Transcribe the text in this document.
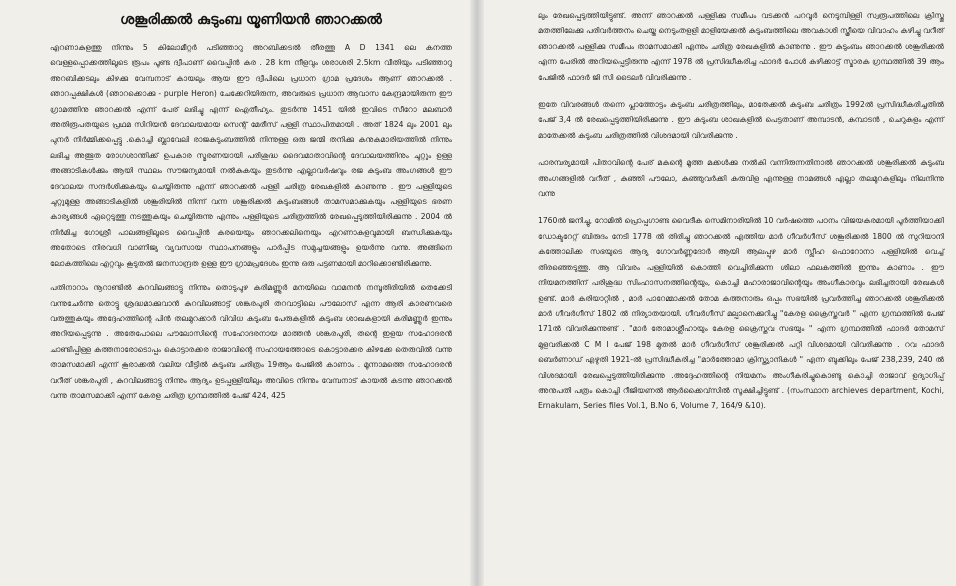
ശങ്കൂരിക്കൽ കുടുംബ യൂണിയൻ ഞാറക്കൽ

എറണാകുളത്തു നിന്നും 5 കിലോമീറ്റർ പടിഞ്ഞാറു അറബിക്കടൽ തീരത്തു A D 1341 ലെ കനത്ത വെള്ളപ്പൊക്കത്തിലൂടെ രൂപം പൂണ്ട ദ്വീപാണ് വൈപ്പിൻ കര . 28 km നീളവും ശരാശരി 2.5km വീതിയും പടിഞ്ഞാറു അറബിക്കടലും കിഴക്കു വേമ്പനാട് കായലും ആയ ഈ ദ്വീപിലെ പ്രധാന ഗ്രാമ പ്രദേശം ആണ് ഞാറക്കൽ . ഞാറപ്പക്ഷികൾ (ഞാറക്കൊക്കു - purple Heron) ചേക്കേറിയിരുന്ന, അവരുടെ പ്രധാന ആവാസ കേന്ദ്രമായിരുന്ന ഈ ഗ്രാമത്തിനു ഞാറക്കൽ എന്ന് പേര് ലഭിച്ചു എന്ന് ഐതീഹ്യം. തുടർന്നു 1451 യിൽ ഇവിടെ സീറോ മലബാർ അതിരൂപതയുടെ പ്രഥമ സിറിയൻ ദേവാലയമായ സെന്റ് മേരീസ് പള്ളി സ്ഥാപിതമായി . അത് 1824 ലും 2001 ലും പുനർ നിർമ്മിക്കപ്പെട്ടു .കൊച്ചി ബ്ലാവേലി രാജകുടുംബത്തിൽ നിന്നുള്ള ഒരു ജന്മി തനിക്കു കനുകമാരിയത്തിൽ നിന്നും ലഭിച്ച അത്ഭുത രോഗശാന്തിക്ക് ഉപകാര സ്മരണയായി പരിശുദ്ധ ദൈവമാതാവിന്റെ ദേവാലയത്തിനും ചുറ്റും ഉള്ള അങ്ങാടികൾക്കും ആയി സ്ഥലം സൗജന്യമായി നൽകുകയും തുടർന്നു എല്ലാവർഷവും രജ കുടുംബ അംഗങ്ങൾ ഈ ദേവാലയ സന്ദർശിക്കുകയും ചെയ്യിരുന്നു എന്ന് ഞാറക്കൽ പള്ളി ചരിത്ര രേഖകളിൽ കാണുന്നു . ഈ പള്ളിയുടെ ചുറ്റുമുള്ള അങ്ങാടികളിൽ ശങ്കൂരിയിൽ നിന്ന് വന്ന ശങ്കൂരിക്കൽ കുടുംബങ്ങൾ താമസമാക്കുകയും പള്ളിയുടെ ഭരണ കാര്യങ്ങൾ ഏറ്റെടുത്തു നടത്തുകയും ചെയ്യിരുന്നു എന്നും പള്ളിയുടെ ചരിത്രത്തിൽ രേഖപ്പെടുത്തിയിരിക്കുന്നു . 2004 ൽ നിർമിച്ച ഗോശ്രീ പാലങ്ങളിലൂടെ വൈപ്പിൻ കരയെയും ഞാറക്കലിനെയും എറണാകുളവുമായി ബന്ധിക്കുകയും അതോടെ നിരവധി വാണിജ്യ വ്യവസായ സ്ഥാപനങ്ങളും പാർപ്പിട സമുച്ചയങ്ങളും ഉയർന്നു വന്നു. അങ്ങിനെ ലോകത്തിലെ എറ്റവും കൂടുതൽ ജനസാന്ദ്രത ഉള്ള ഈ ഗ്രാമപ്രദേശം ഇന്നു ഒരു പട്ടണമായി മാറിക്കൊണ്ടിരിക്കുന്നു.

പതിനാറാം നൂറാണ്ടിൽ കുറവിലങ്ങാട്ടു നിന്നും തൊടുപുഴ കരിമണ്ണൂർ മനയിലെ വാമനൻ നമ്പൂതിരിയിൽ തെക്കേടി വന്നുചേർന്നു തൊട്ടു ശ്രദ്ധമാക്കുവാൻ കുറവിലങ്ങാട്ട് ശങ്കരപുരി തറവാട്ടിലെ പൗലോസ് എന്ന ആരി കാരണവരെ വരുത്തുകയും അദ്ദേഹത്തിന്റെ പിൻ തലമുറക്കാർ വിവിധ കുടുംബ പേരുകളിൽ കുടുംബ ശാഖകളായി കരിമണ്ണൂർ ഇന്നും അറിയപ്പെടുന്നു . അതേപോലെ പൗലോസിന്റെ സഹോദരനായ മാത്തൻ ശങ്കരപുരി, തന്റെ ഇളയ സഹോദരൻ ചാണ്ടിപ്പിള്ള കത്തനാരോടൊപ്പം കൊട്ടാരക്കര രാജാവിന്റെ സഹായത്തോടെ കൊട്ടാരക്കര കിഴക്കേ തെരുവിൽ വന്നു താമസമാക്കി എന്ന് കൂരാക്കൽ വലിയ വീട്ടിൽ കുടുംബ ചരിത്രം 19ആം പേജിൽ കാണാം . മൂന്നാമത്തെ സഹോദരൻ വറീത് ശങ്കരപുരി , കുറവിലങ്ങാട്ടു നിന്നും ആദ്യം ഉടപ്പള്ളിയിലും അവിടെ നിന്നും വേമ്പനാട് കായൽ കടന്നു ഞാറക്കൽ വന്നു താമസമാക്കി എന്ന് കേരള ചരിത്ര ഗ്രന്ഥത്തിൽ പേജ് 424, 425

ലും രേഖപ്പെടുത്തിയിട്ടുണ്ട്. അന്ന് ഞാറക്കൽ പള്ളിക്കു സമീപം വടക്കൻ പറവൂർ നെടുമ്പിള്ളി സ്വരൂപത്തിലെ ക്രിസ്തു മതത്തിലേക്കു പരിവർത്തനം ചെയ്ത നെടുംതളളി മാളിയേക്കൽ കുടുംബത്തിലെ അവകാശി സ്ത്രീയെ വിവാഹം കഴിച്ചു വറീത് ഞാറക്കൽ പള്ളിക്കു സമീപം താമസമാക്കി എന്നും ചരിത്ര രേഖകളിൽ കാണുന്നു . ഈ കുടുംബം ഞാറക്കൽ ശങ്കൂരിക്കൽ എന്ന പേരിൽ അറിയപ്പെട്ടിരുന്നു എന്ന് 1978 ൽ പ്രസിദ്ധീകരിച്ച ഫാദർ പോൾ കുഴിക്കാട്ട് സ്മാരക ഗ്രന്ഥത്തിൽ 39 ആം പേജിൽ ഫാദർ ജി സി ടൈലർ വിവരിക്കുന്നു .

ഇതേ വിവരങ്ങൾ തന്നെ പ്ലാത്തോട്ടം കുടുംബ ചരിത്രത്തിലും, മാതേക്കൽ കുടുംബ ചരിത്രം 1992ൽ പ്രസിദ്ധീകരിച്ചതിൽ പേജ് 3,4 ൽ രേഖപ്പെടുത്തിയിരിക്കുന്നു . ഈ കുടുംബ ശാഖകളിൽ പെട്ടതാണ് അമ്പാടൻ, കുമ്പാടൻ , ചെറുകുളം എന്ന് മാതേക്കൽ കുടുംബ ചരിത്രത്തിൽ വിശദമായി വിവരിക്കുന്നു .

പാരമ്പര്യമായി പിതാവിന്റെ പേര് മകന്റെ മൂത്ത മക്കൾക്കു നൽകി വന്നിരുന്നതിനാൽ ഞാറക്കൽ ശങ്കൂരിക്കൽ കുടുംബ അംഗങ്ങളിൽ വറീത് , കുഞ്ഞി പൗലോ, കുഞ്ഞുവർക്കി കുരുവിള എന്നുള്ള നാമങ്ങൾ എല്ലാ തലമുറകളിലും നിലനിന്നു വന്നു

1760ൽ ജനിച്ചു, റോമിൽ പ്രൊപ്പഗാണ്ട വൈദീക സെമിനാരിയിൽ 10 വർഷത്തെ പഠനം വിജയകരമായി പൂർത്തിയാക്കി ഡോക്ടറേറ്റ് ബിരുദം നേടി 1778 ൽ തിരിച്ചു ഞാറക്കൽ എത്തിയ മാർ ഗീവർഗീസ് ശങ്കൂരിക്കൽ 1800 ൽ സുറിയാനി കത്തോലിക്ക സഭയുടെ ആദ്യ ഗോവർണ്ണദോർ ആയി ആലപ്പുഴ മാർ സ്ലീഹ ഫൊറോനാ പള്ളിയിൽ വെച്ച് തിരഞ്ഞെടുത്തു. ആ വിവരം പള്ളിയിൽ കൊത്തി വെച്ചിരിക്കുന്ന ശിലാ ഫലകത്തിൽ ഇന്നും കാണാം . ഈ നിയമനത്തിന് പരിശുദ്ധ സിംഹാസനത്തിന്റെയും, കൊച്ചി മഹാരാജാവിന്റെയും അംഗീകാരവും ലഭിച്ചതായി രേഖകൾ ഉണ്ട്. മാർ കരിയാറ്റിൽ , മാർ പാറേമ്മാക്കൽ തോമ കത്തനാരും ഒപ്പം സഭയിൽ പ്രവർത്തിച്ച ഞാറക്കൽ ശങ്കൂരിക്കൽ മാർ ഗീവർഗീസ് 1802 ൽ നിര്യാതയായി. ഗീവർഗീസ് മല്പാനെക്കുറിച്ചു "കേരള ക്രൈസ്തവർ " എന്ന ഗ്രന്ഥത്തിൽ പേജ് 171ൽ വിവരിക്കുന്നുണ്ട് . "മാർ തോമാശ്ലീഹായും കേരള ക്രൈസ്തവ സഭയും " എന്ന ഗ്രന്ഥത്തിൽ ഫാദർ തോമസ് മുളവരിക്കൽ C M I പേജ് 198 മുതൽ മാർ ഗീവർഗീസ് ശങ്കൂരിക്കൽ പറ്റി വിശദമായി വിവരിക്കുന്നു . റവ ഫാദർ ബെർണാഡ് എഴുതി 1921-ൽ പ്രസിദ്ധീകരിച്ച "മാർത്തോമാ ക്രിസ്ത്യാനികൾ " എന്ന ബുക്കിലും പേജ് 238,239, 240 ൽ വിശദമായി രേഖപ്പെടുത്തിയിരിക്കുന്നു .അദ്ദേഹത്തിന്റെ നിയമനം അംഗീകരിച്ചുകൊണ്ടു കൊച്ചി രാജാവ് ഉദ്യാഗിപ്പ് അനുപതി പത്രം കൊച്ചി റീജിയണൽ ആർക്കൈവ്‌സിൽ സൂക്ഷിച്ചിട്ടുണ്ട് . (സംസ്ഥാന archieves department, Kochi, Ernakulam, Series files Vol.1, B.No 6, Volume 7, 164/9 &10).
